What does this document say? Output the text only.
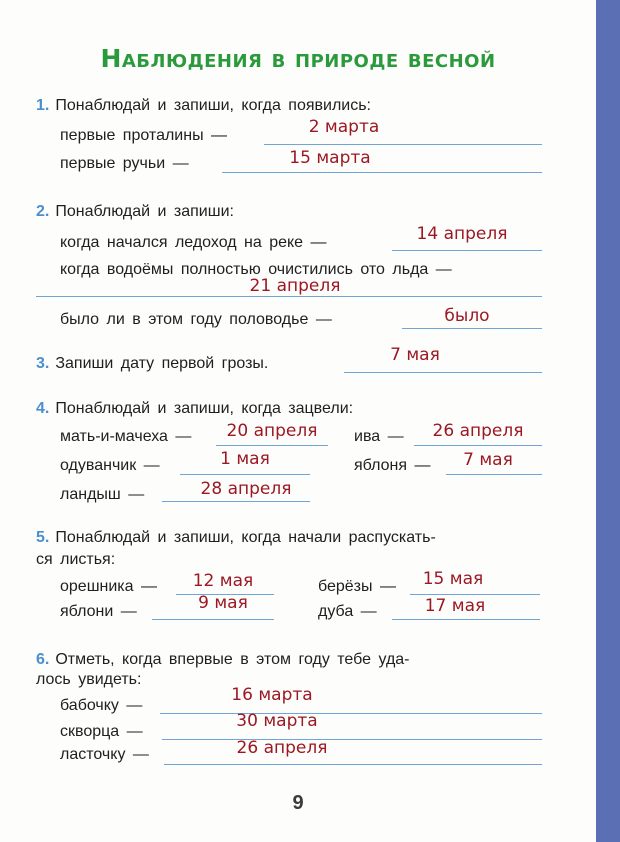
Наблюдения в природе весной
1. Понаблюдай и запиши, когда появились:
первые проталины —	2 марта
первые ручьи —	15 марта
2. Понаблюдай и запиши:
когда начался ледоход на реке —	14 апреля
когда водоёмы полностью очистились ото льда —
21 апреля
было ли в этом году половодье —	было
3. Запиши дату первой грозы.	7 мая
4. Понаблюдай и запиши, когда зацвели:
мать-и-мачеха —	20 апреля	ива —	26 апреля
одуванчик —	1 мая	яблоня —	7 мая
ландыш —	28 апреля
5. Понаблюдай и запиши, когда начали распускать-
ся листья:
орешника —	12 мая	берёзы —	15 мая
яблони —	9 мая	дуба —	17 мая
6. Отметь, когда впервые в этом году тебе уда-
лось увидеть:
бабочку —
16 марта
скворца —
30 марта
ласточку —	26 апреля
9
